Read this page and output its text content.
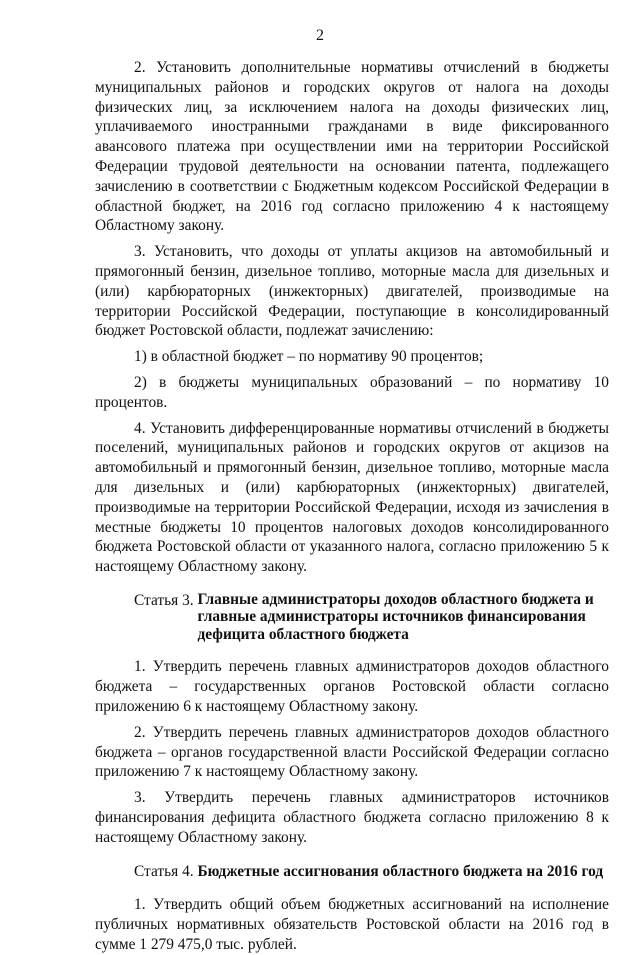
2

2. Установить дополнительные нормативы отчислений в бюджеты муниципальных районов и городских округов от налога на доходы физических лиц, за исключением налога на доходы физических лиц, уплачиваемого иностранными гражданами в виде фиксированного авансового платежа при осуществлении ими на территории Российской Федерации трудовой деятельности на основании патента, подлежащего зачислению в соответствии с Бюджетным кодексом Российской Федерации в областной бюджет, на 2016 год согласно приложению 4 к настоящему Областному закону.

3. Установить, что доходы от уплаты акцизов на автомобильный и прямогонный бензин, дизельное топливо, моторные масла для дизельных и (или) карбюраторных (инжекторных) двигателей, производимые на территории Российской Федерации, поступающие в консолидированный бюджет Ростовской области, подлежат зачислению:

1) в областной бюджет – по нормативу 90 процентов;

2) в бюджеты муниципальных образований – по нормативу 10 процентов.

4. Установить дифференцированные нормативы отчислений в бюджеты поселений, муниципальных районов и городских округов от акцизов на автомобильный и прямогонный бензин, дизельное топливо, моторные масла для дизельных и (или) карбюраторных (инжекторных) двигателей, производимые на территории Российской Федерации, исходя из зачисления в местные бюджеты 10 процентов налоговых доходов консолидированного бюджета Ростовской области от указанного налога, согласно приложению 5 к настоящему Областному закону.

Статья 3. Главные администраторы доходов областного бюджета и главные администраторы источников финансирования дефицита областного бюджета

1. Утвердить перечень главных администраторов доходов областного бюджета – государственных органов Ростовской области согласно приложению 6 к настоящему Областному закону.

2. Утвердить перечень главных администраторов доходов областного бюджета – органов государственной власти Российской Федерации согласно приложению 7 к настоящему Областному закону.

3. Утвердить перечень главных администраторов источников финансирования дефицита областного бюджета согласно приложению 8 к настоящему Областному закону.

Статья 4. Бюджетные ассигнования областного бюджета на 2016 год

1. Утвердить общий объем бюджетных ассигнований на исполнение публичных нормативных обязательств Ростовской области на 2016 год в сумме 1 279 475,0 тыс. рублей.
